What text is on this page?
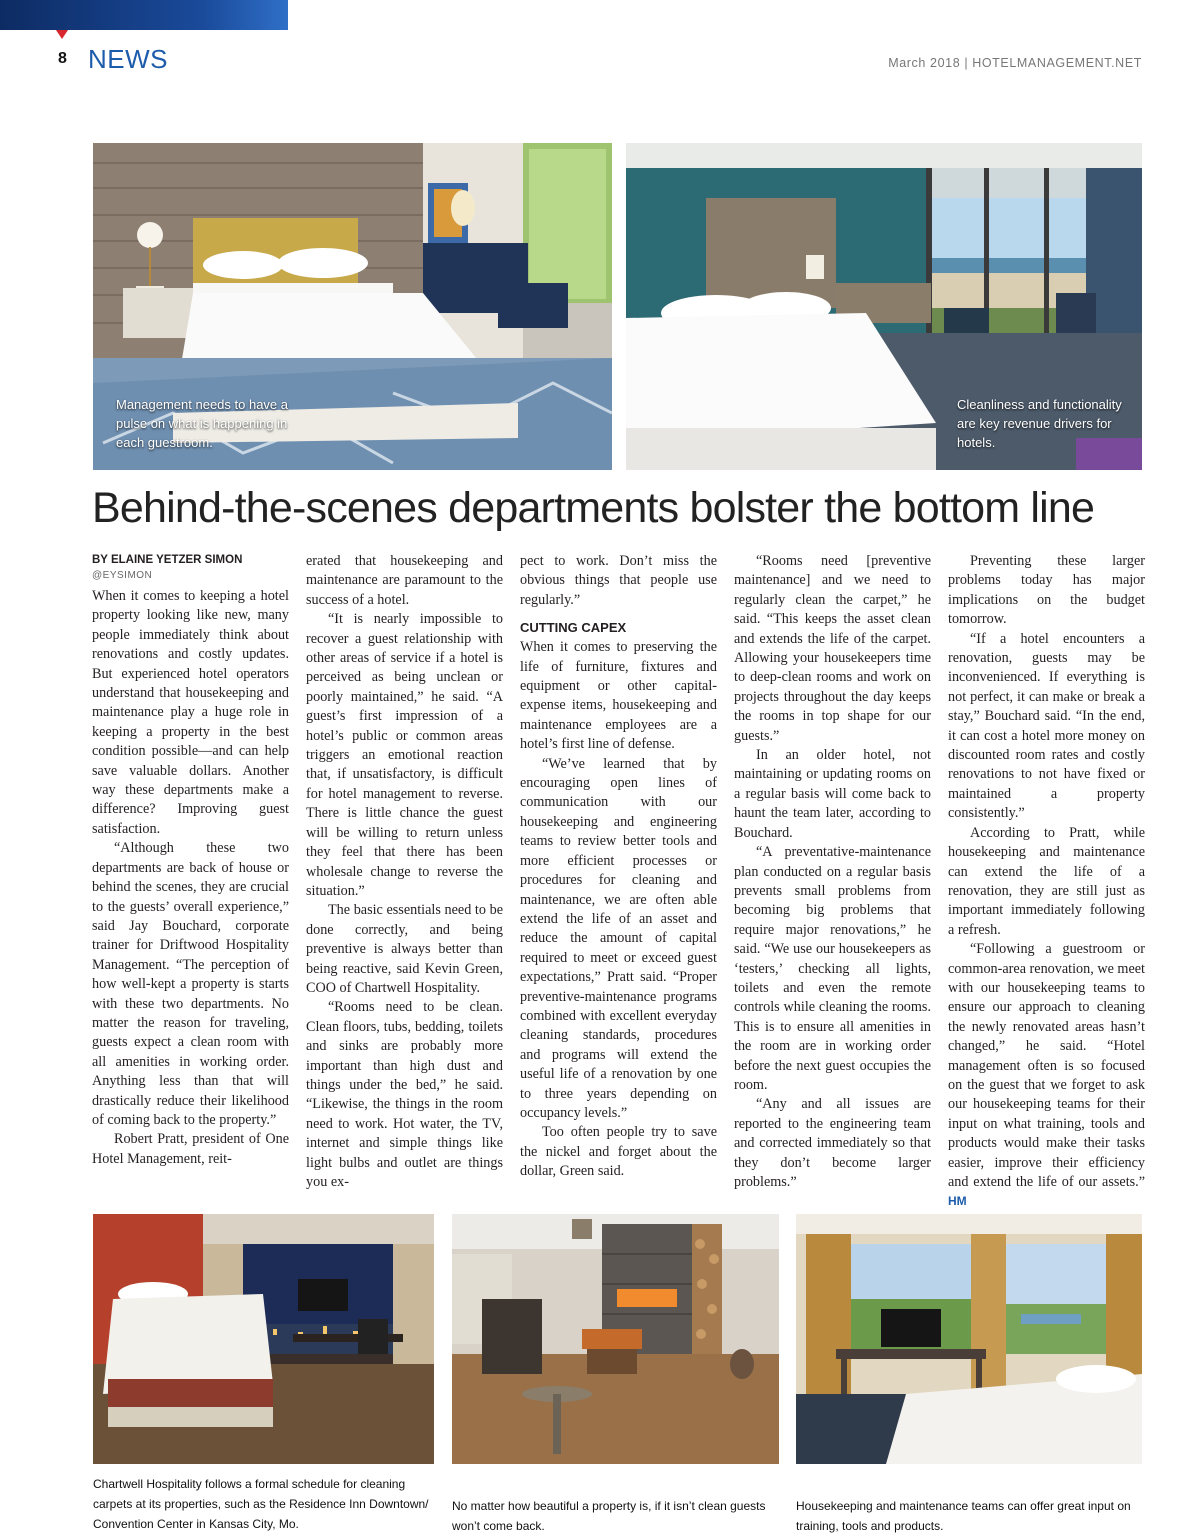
8 NEWS	March 2018 | HOTELMANAGEMENT.NET
Management needs to have a pulse on what is happening in each guestroom.
Cleanliness and functionality are key revenue drivers for hotels.
Behind-the-scenes departments bolster the bottom line

BY ELAINE YETZER SIMON

@EYSIMON

When it comes to keeping a hotel property looking like new, many people immediately think about renovations and costly updates. But experienced hotel operators understand that housekeeping and maintenance play a huge role in keeping a property in the best condition possible—and can help save valuable dollars. Another way these departments make a difference? Improving guest satisfaction.

“Although these two departments are back of house or behind the scenes, they are crucial to the guests’ overall experience,” said Jay Bouchard, corporate trainer for Driftwood Hospitality Management. “The perception of how well-kept a property is starts with these two departments. No matter the reason for traveling, guests expect a clean room with all amenities in working order. Anything less than that will drastically reduce their likelihood of coming back to the property.”

Robert Pratt, president of One Hotel Management, reit-

erated that housekeeping and maintenance are paramount to the success of a hotel.

“It is nearly impossible to recover a guest relationship with other areas of service if a hotel is perceived as being unclean or poorly maintained,” he said. “A guest’s first impression of a hotel’s public or common areas triggers an emotional reaction that, if unsatisfactory, is difficult for hotel management to reverse. There is little chance the guest will be willing to return unless they feel that there has been wholesale change to reverse the situation.”

The basic essentials need to be done correctly, and being preventive is always better than being reactive, said Kevin Green, COO of Chartwell Hospitality.

“Rooms need to be clean. Clean floors, tubs, bedding, toilets and sinks are probably more important than high dust and things under the bed,” he said. “Likewise, the things in the room need to work. Hot water, the TV, internet and simple things like light bulbs and outlet are things you ex-

pect to work. Don’t miss the obvious things that people use regularly.”

CUTTING CAPEX

When it comes to preserving the life of furniture, fixtures and equipment or other capital-expense items, housekeeping and maintenance employees are a hotel’s first line of defense.

“We’ve learned that by encouraging open lines of communication with our housekeeping and engineering teams to review better tools and more efficient processes or procedures for cleaning and maintenance, we are often able extend the life of an asset and reduce the amount of capital required to meet or exceed guest expectations,” Pratt said. “Proper preventive-maintenance programs combined with excellent everyday cleaning standards, procedures and programs will extend the useful life of a renovation by one to three years depending on occupancy levels.”

Too often people try to save the nickel and forget about the dollar, Green said.

“Rooms need [preventive maintenance] and we need to regularly clean the carpet,” he said. “This keeps the asset clean and extends the life of the carpet. Allowing your housekeepers time to deep-clean rooms and work on projects throughout the day keeps the rooms in top shape for our guests.”

In an older hotel, not maintaining or updating rooms on a regular basis will come back to haunt the team later, according to Bouchard.

“A preventative-maintenance plan conducted on a regular basis prevents small problems from becoming big problems that require major renovations,” he said. “We use our housekeepers as ‘testers,’ checking all lights, toilets and even the remote controls while cleaning the rooms. This is to ensure all amenities in the room are in working order before the next guest occupies the room.

“Any and all issues are reported to the engineering team and corrected immediately so that they don’t become larger problems.”

Preventing these larger problems today has major implications on the budget tomorrow.

“If a hotel encounters a renovation, guests may be inconvenienced. If everything is not perfect, it can make or break a stay,” Bouchard said. “In the end, it can cost a hotel more money on discounted room rates and costly renovations to not have fixed or maintained a property consistently.”

According to Pratt, while housekeeping and maintenance can extend the life of a renovation, they are still just as important immediately following a refresh.

“Following a guestroom or common-area renovation, we meet with our housekeeping teams to ensure our approach to cleaning the newly renovated areas hasn’t changed,” he said. “Hotel management often is so focused on the guest that we forget to ask our housekeeping teams for their input on what training, tools and products would make their tasks easier, improve their efficiency and extend the life of our assets.” HM

Chartwell Hospitality follows a formal schedule for cleaning carpets at its properties, such as the Residence Inn Downtown/ Convention Center in Kansas City, Mo.
No matter how beautiful a property is, if it isn’t clean guests won’t come back.
Housekeeping and maintenance teams can offer great input on training, tools and products.
